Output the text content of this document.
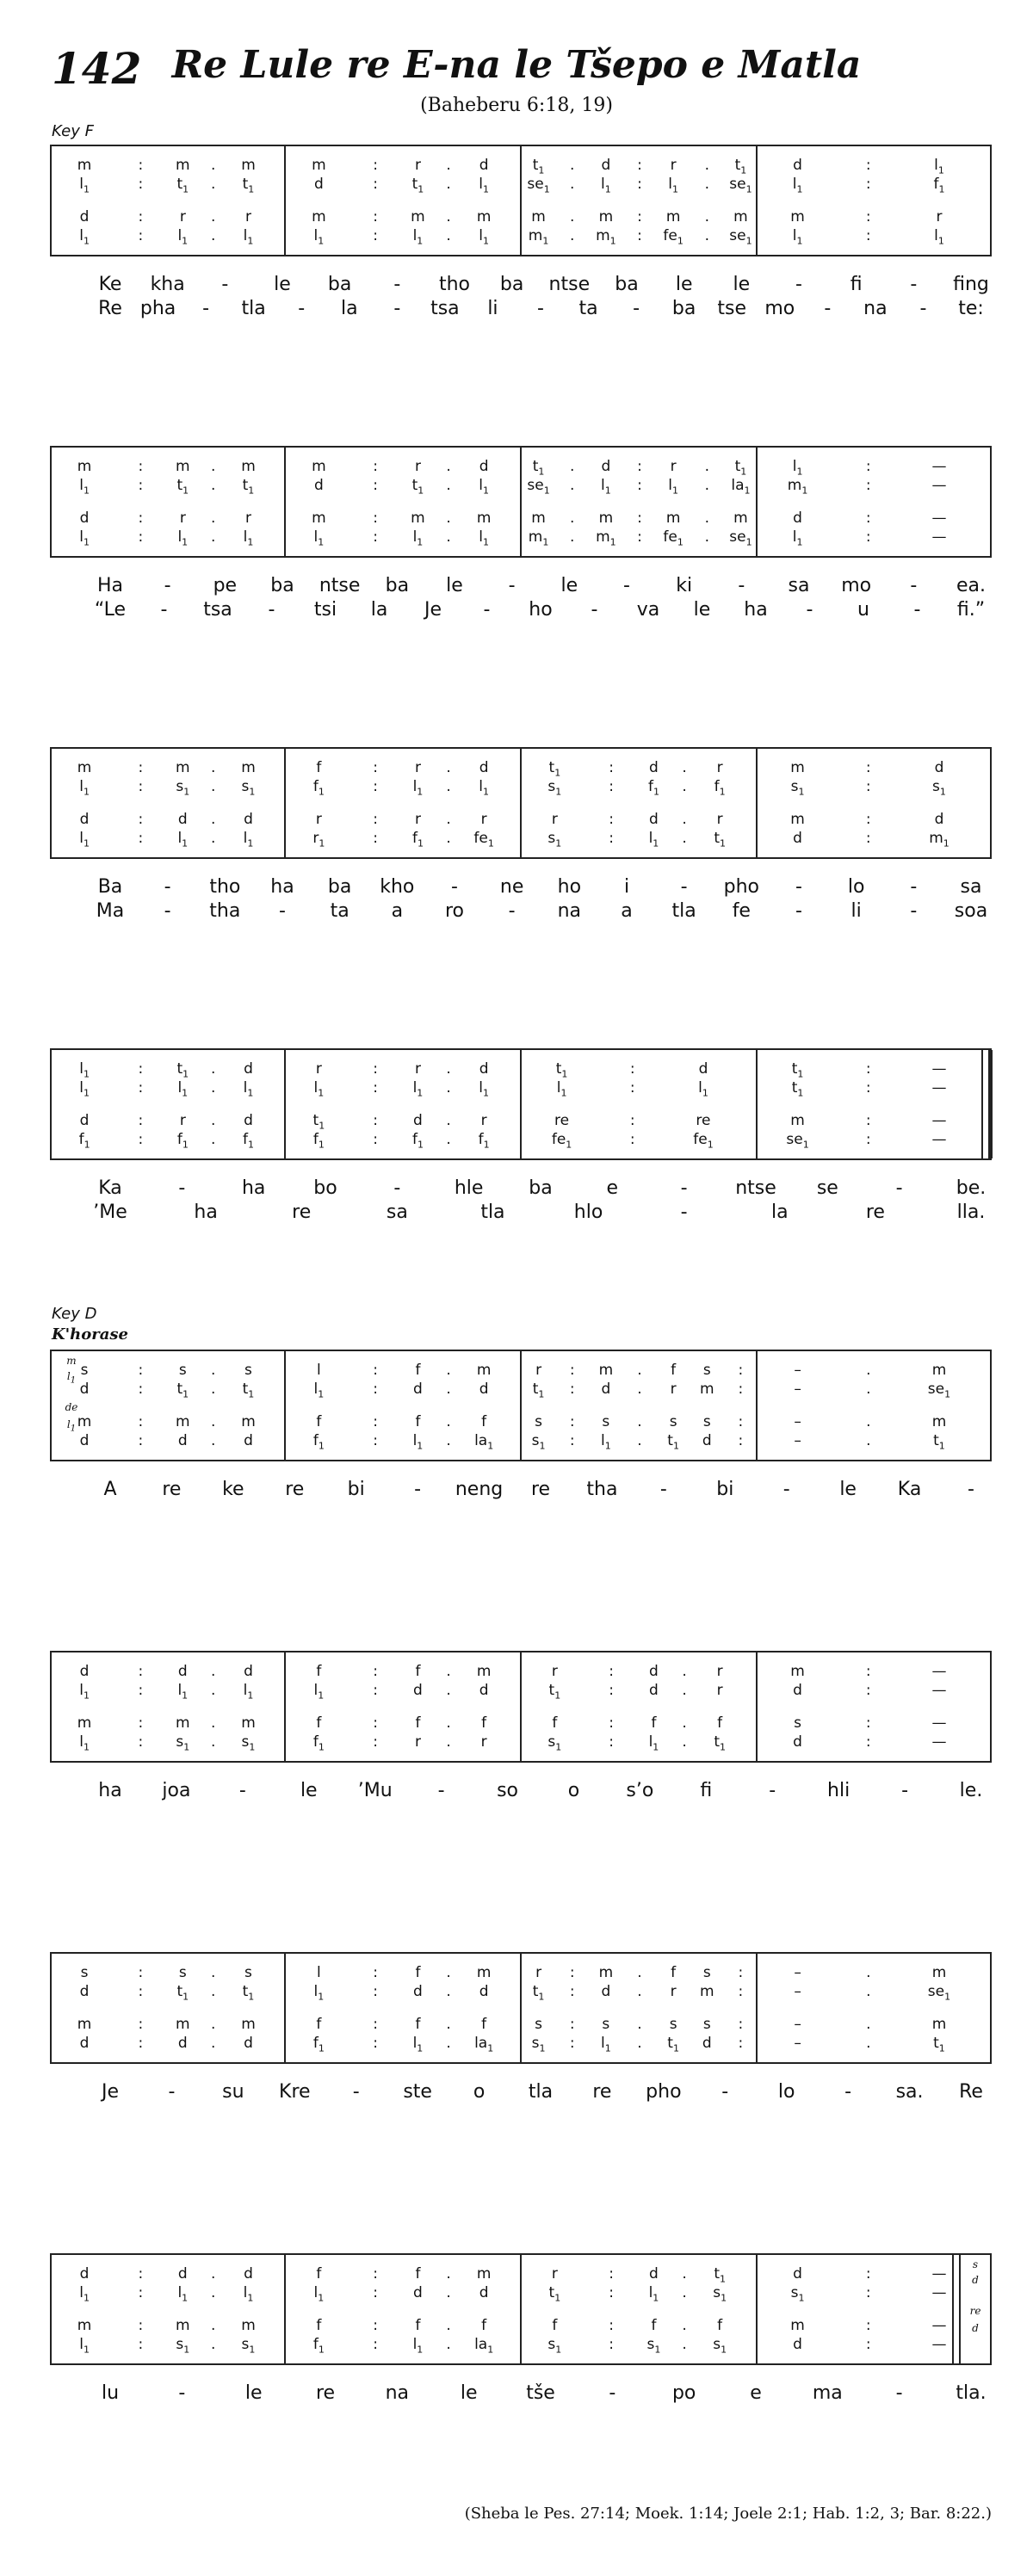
142 Re Lule re E-na le Tšepo e Matla
(Baheberu 6:18, 19)
Key F
Key D
K'horase
m	:	m	.	m	m	:	r	.	d	$t_1$	.	d	:	r	.	$t_1$	d	:	$l_1$
$l_1$	:	$t_1$	.	$t_1$	d	:	$t_1$	.	$l_1$	$se_1$	.	$l_1$	:	$l_1$	.	$se_1$	$l_1$	:	$f_1$
d	:	r	.	r	m	:	m	.	m	m	.	m	:	m	.	m	m	:	r
$l_1$	:	$l_1$	.	$l_1$	$l_1$	:	$l_1$	.	$l_1$	$m_1$	.	$m_1$	:	$fe_1$	.	$se_1$	$l_1$	:	$l_1$
Ke kha - le ba - tho ba ntse ba le le -	fi	- fing
Re pha - tla - la - tsa li - ta - ba tse mo - na - te:
m	:	m	.	m	m	:	r	.	d	$t_1$	.	d	:	r	.	$t_1$	$l_1$	:	—
$l_1$	:	$t_1$	.	$t_1$	d	:	$t_1$	.	$l_1$	$se_1$	.	$l_1$	:	$l_1$	.	$la_1$	$m_1$	:	—
d	:	r	.	r	m	:	m	.	m	m	.	m	:	m	.	m	d	:	—
$l_1$	:	$l_1$	.	$l_1$	$l_1$	:	$l_1$	.	$l_1$	$m_1$	.	$m_1$	:	$fe_1$	.	$se_1$	$l_1$	:	—
Ha - pe ba ntse ba le - le - ki - sa mo - ea.
“Le - tsa - tsi la Je - ho - va le ha - u - fi.”
m	:	m	.	m	f	:	r	.	d	$t_1$	:	d	.	r	m	:	d
$l_1$	:	$s_1$	.	$s_1$	$f_1$	:	$l_1$	.	$l_1$	$s_1$	:	$f_1$	.	$f_1$	$s_1$	:	$s_1$
d	:	d	.	d	r	:	r	.	r	r	:	d	.	r	m	:	d
$l_1$	:	$l_1$	.	$l_1$	$r_1$	:	$f_1$	.	$fe_1$	$s_1$	:	$l_1$	.	$t_1$	d	:	$m_1$
Ba - tho ha ba kho - ne ho i	- pho - lo - sa
Ma - tha - ta a ro - na a tla fe -	li	- soa
$l_1$	:	$t_1$	.	d	r	:	r	.	d	$t_1$	:	d	$t_1$	:	—
$l_1$	:	$l_1$	.	$l_1$	$l_1$	:	$l_1$	.	$l_1$	$l_1$	:	$l_1$	$t_1$	:	—
d	:	r	.	d	$t_1$	:	d	.	r	re	:	re	m	:	—
$f_1$	:	$f_1$	.	$f_1$	$f_1$	:	$f_1$	.	$f_1$	$fe_1$	:	$fe_1$	$se_1$	:	—
Ka	-	ha	bo	-	hle ba	e	-	ntse se	-	be.
’Me	ha	re	sa	tla	hlo	-	la	re	lla.
m
$l_1$
de
$l_1$
s	:	s	.	s	l	:	f	.	m	r	:	m	.	f	s	:	–	.	m
d	:	$t_1$	.	$t_1$	$l_1$	:	d	.	d	$t_1$	:	d	.	r	m	:	–	.	$se_1$
m	:	m	.	m	f	:	f	.	f	s	:	s	.	s	s	:	–	.	m
d	:	d	.	d	$f_1$	:	$l_1$	.	$la_1$	$s_1$	:	$l_1$	.	$t_1$	d	:	–	.	$t_1$
A re ke re bi	- neng re tha -	bi	-	le Ka -
d	:	d	.	d	f	:	f	.	m	r	:	d	.	r	m	:	—
$l_1$	:	$l_1$	.	$l_1$	$l_1$	:	d	.	d	$t_1$	:	d	.	r	d	:	—
m	:	m	.	m	f	:	f	.	f	f	:	f	.	f	s	:	—
$l_1$	:	$s_1$	.	$s_1$	$f_1$	:	r	.	r	$s_1$	:	$l_1$	.	$t_1$	d	:	—
ha joa	-	le ’Mu -	so	o s’o fi	-	hli	-	le.
s	:	s	.	s	l	:	f	.	m	r	:	m	.	f	s	:	–	.	m
d	:	$t_1$	.	$t_1$	$l_1$	:	d	.	d	$t_1$	:	d	.	r	m	:	–	.	$se_1$
m	:	m	.	m	f	:	f	.	f	s	:	s	.	s	s	:	–	.	m
d	:	d	.	d	$f_1$	:	$l_1$	.	$la_1$	$s_1$	:	$l_1$	.	$t_1$	d	:	–	.	$t_1$
Je	- su Kre - ste o tla re pho -	lo	- sa. Re
s
d
re
d
d	:	d	.	d	f	:	f	.	m	r	:	d	.	$t_1$	d	:	—
$l_1$	:	$l_1$	.	$l_1$	$l_1$	:	d	.	d	$t_1$	:	$l_1$	.	$s_1$	$s_1$	:	—
m	:	m	.	m	f	:	f	.	f	f	:	f	.	f	m	:	—
$l_1$	:	$s_1$	.	$s_1$	$f_1$	:	$l_1$	.	$la_1$	$s_1$	:	$s_1$	.	$s_1$	d	:	—
lu	-	le	re	na	le	tše	-	po	e	ma	-	tla.
(Sheba le Pes. 27:14; Moek. 1:14; Joele 2:1; Hab. 1:2, 3; Bar. 8:22.)
